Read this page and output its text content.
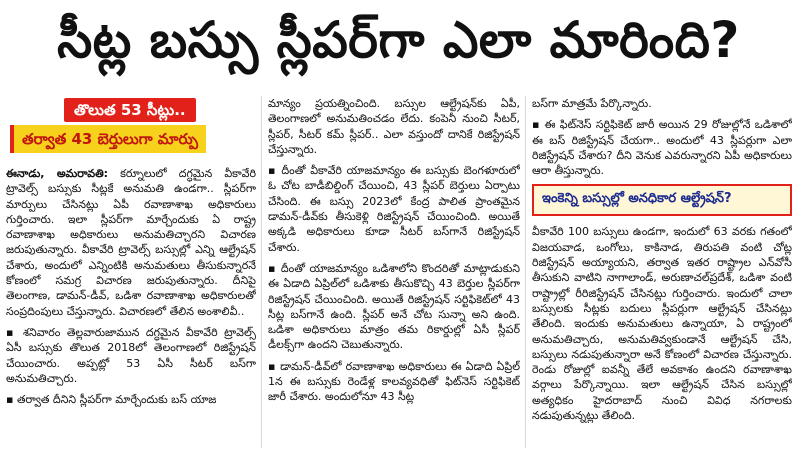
సీట్ల బస్సు స్లీపర్‌గా ఎలా మారింది?
తొలుత 53 సీట్లు..
తర్వాత 43 బెర్తులుగా మార్పు

ఈనాడు, అమరావతి: కర్నూలులో దగ్ధమైన వీకావేరి ట్రావెల్స్ బస్సుకు సీట్లకే అనుమతి ఉండగా.. స్లీపర్‌గా మార్పులు చేసినట్లు ఏపీ రవాణాశాఖ అధికారులు గుర్తించారు. ఇలా స్లీపర్‌గా మార్చేందుకు ఏ రాష్ట్ర రవాణాశాఖ అధికారులు అనుమతిచ్చారని విచారణ జరుపుతున్నారు. వీకావేరి ట్రావెల్స్ బస్సుల్లో ఎన్ని ఆల్ట్రేషన్ చేశారు, అందులో ఎన్నింటికి అనుమతులు తీసుకున్నారనే కోణంలో సమగ్ర విచారణ జరుపుతున్నారు. దీనిపై తెలంగాణ, డామన్‌-డీవ్, ఒడిశా రవాణాశాఖ అధికారులతో సంప్రదింపులు చేస్తున్నారు. విచారణలో తేలిన అంశాలివీ..

▪ శనివారం తెల్లవారుజామున దగ్ధమైన వీకావేరి ట్రావెల్స్ ఏసీ బస్సుకు తొలుత 2018లో తెలంగాణలో రిజిస్ట్రేషన్ చేయించారు. అప్పట్లో 53 ఏసీ సీటర్ బస్‌గా అనుమతిచ్చారు.

▪ తర్వాత దీనిని స్లీపర్‌గా మార్చేందుకు బస్ యాజ

మాన్యం ప్రయత్నించింది. బస్సుల ఆల్ట్రేషన్‌కు ఏపీ, తెలంగాణలో అనుమతించడం లేదు. కంపెనీ నుంచి సీటర్, స్లీపర్, సీటర్ కమ్ స్లీపర్.. ఎలా వస్తుందో దానికే రిజిస్ట్రేషన్ చేస్తున్నారు.

▪ దీంతో వీకావేరి యాజమాన్యం ఈ బస్సుకు బెంగళూరులో ఓ చోట బాడీబిల్డింగ్ చేయించి, 43 స్లీపర్ బెర్తులు ఏర్పాటు చేసింది. ఈ బస్సు 2023లో కేంద్ర పాలిత ప్రాంతమైన డామన్‌-డీవ్‌కు తీసుకెళ్లి రిజిస్ట్రేషన్ చేయించింది. అయితే అక్కడి అధికారులు కూడా సీటర్ బస్‌గానే రిజిస్ట్రేషన్ చేశారు.

▪ దీంతో యాజమాన్యం ఒడిశాలోని కొందరితో మాట్లాడుకుని ఈ ఏడాది ఏప్రిల్‌లో ఒడిశాకు తీసుకొచ్చి 43 బెర్తుల స్లీపర్‌గా రిజిస్ట్రేషన్ చేయించింది. అయితే రిజిస్ట్రేషన్ సర్టిఫికెట్‌లో 43 సీట్ల బస్‌గానే ఉంది. స్లీపర్ అనే చోట సున్నా అని ఉంది. ఒడిశా అధికారులు మాత్రం తమ రికార్డుల్లో ఏసీ స్లీపర్ డీలక్స్‌గా ఉందని చెబుతున్నారు.

▪ డామన్‌-డీవ్‌లో రవాణాశాఖ అధికారులు ఈ ఏడాది ఏప్రిల్ 1న ఈ బస్సుకు రెండేళ్ల కాలవ్యవధితో ఫిట్‌నెస్ సర్టిఫికెట్ జారీ చేశారు. అందులోనూ 43 సీట్ల

బస్‌గా మాత్రమే పేర్కొన్నారు.

▪ ఈ ఫిట్‌నెస్ సర్టిఫికెట్ జారీ అయిన 29 రోజుల్లోనే ఒడిశాలో ఈ బస్ రిజిస్ట్రేషన్ చేయగా.. అందులో 43 స్లీపర్లుగా ఎలా రిజిస్ట్రేషన్ చేశారు? దీని వెనుక ఎవరున్నారని ఏపీ అధికారులు ఆరా తీస్తున్నారు.

ఇంకెన్ని బస్సుల్లో అనధికార ఆల్ట్రేషన్?

వీకావేరి 100 బస్సులు ఉండగా, ఇందులో 63 వరకు గతంలో విజయవాడ, ఒంగోలు, కాకినాడ, తిరుపతి వంటి చోట్ల రిజిస్ట్రేషన్ అయ్యాయని, తర్వాత ఇతర రాష్ట్రాల ఎన్‌వోసీ తీసుకుని వాటిని నాగాలాండ్, అరుణాచల్‌ప్రదేశ్, ఒడిశా వంటి రాష్ట్రాల్లో రీరిజిస్ట్రేషన్ చేసినట్లు గుర్తించారు. ఇందులో చాలా బస్సులకు సీట్లకు బదులు స్లీపర్లుగా ఆల్ట్రేషన్ చేసినట్లు తేలింది. ఇందుకు అనుమతులు ఉన్నాయా, ఏ రాష్ట్రంలో అనుమతిచ్చారు, అనుమతివ్వకుండానే ఆల్ట్రేషన్ చేసి, బస్సులు నడుపుతున్నారా అనే కోణంలో విచారణ చేస్తున్నారు. రెండు రోజుల్లో ఐవన్నీ తేలే అవకాశం ఉందని రవాణాశాఖ వర్గాలు పేర్కొన్నాయి. ఇలా ఆల్ట్రేషన్ చేసిన బస్సుల్లో అత్యధికం హైదరాబాద్ నుంచి వివిధ నగరాలకు నడుపుతున్నట్లు తేలింది.
